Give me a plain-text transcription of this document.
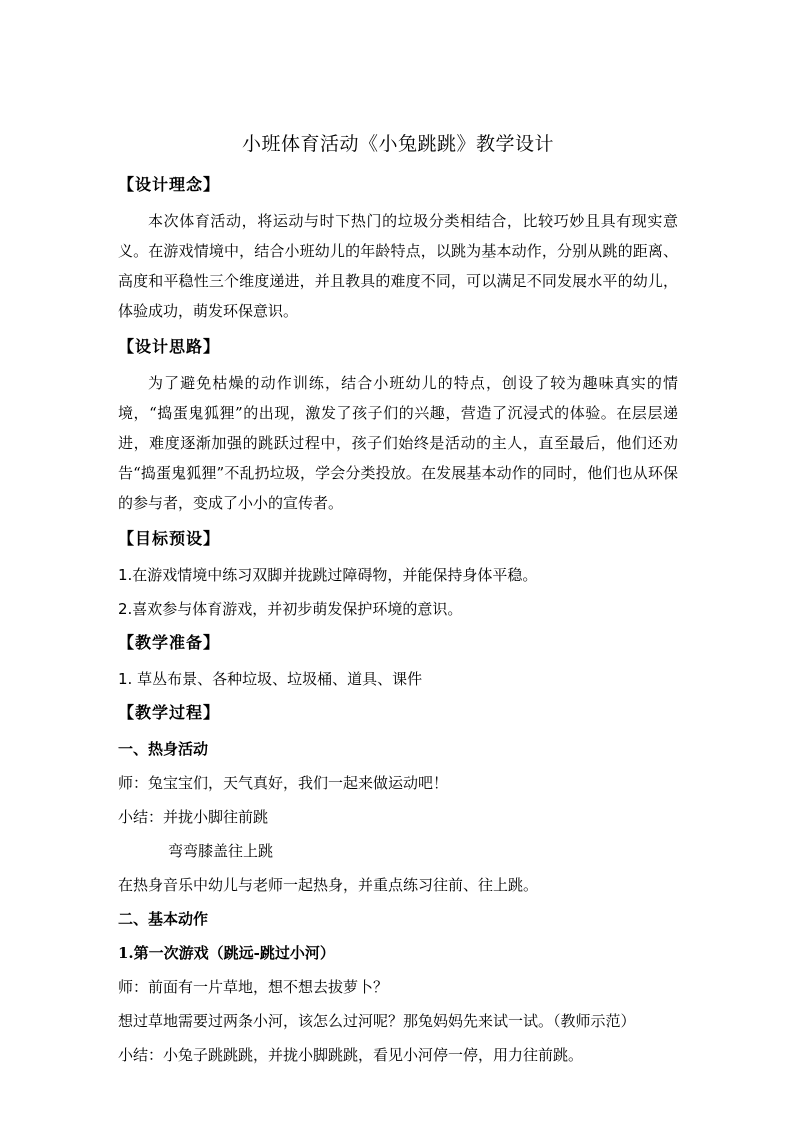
小班体育活动《小兔跳跳》教学设计
【设计理念】

本次体育活动，将运动与时下热门的垃圾分类相结合，比较巧妙且具有现实意义。在游戏情境中，结合小班幼儿的年龄特点，以跳为基本动作，分别从跳的距离、高度和平稳性三个维度递进，并且教具的难度不同，可以满足不同发展水平的幼儿，体验成功，萌发环保意识。

【设计思路】

为了避免枯燥的动作训练，结合小班幼儿的特点，创设了较为趣味真实的情境，“捣蛋鬼狐狸”的出现，激发了孩子们的兴趣，营造了沉浸式的体验。在层层递进，难度逐渐加强的跳跃过程中，孩子们始终是活动的主人，直至最后，他们还劝告“捣蛋鬼狐狸”不乱扔垃圾，学会分类投放。在发展基本动作的同时，他们也从环保的参与者，变成了小小的宣传者。

【目标预设】
1.在游戏情境中练习双脚并拢跳过障碍物，并能保持身体平稳。
2.喜欢参与体育游戏，并初步萌发保护环境的意识。
【教学准备】
1. 草丛布景、各种垃圾、垃圾桶、道具、课件
【教学过程】
一、热身活动
师：兔宝宝们，天气真好，我们一起来做运动吧！
小结：并拢小脚往前跳
弯弯膝盖往上跳
在热身音乐中幼儿与老师一起热身，并重点练习往前、往上跳。
二、基本动作
1.第一次游戏（跳远-跳过小河）
师：前面有一片草地，想不想去拔萝卜？
想过草地需要过两条小河，该怎么过河呢？那兔妈妈先来试一试。（教师示范）
小结：小兔子跳跳跳，并拢小脚跳跳，看见小河停一停，用力往前跳。
